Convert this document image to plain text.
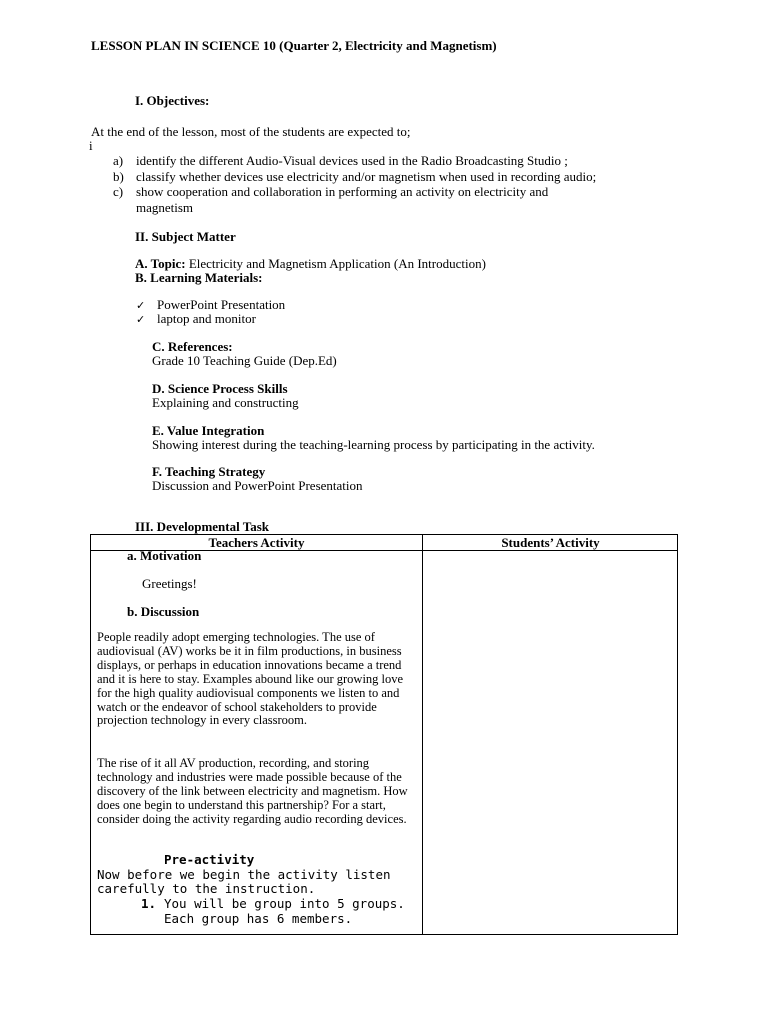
LESSON PLAN IN SCIENCE 10 (Quarter 2, Electricity and Magnetism)
I. Objectives:
At the end of the lesson, most of the students are expected to;
i
a) identify the different Audio-Visual devices used in the Radio Broadcasting Studio ;
b) classify whether devices use electricity and/or magnetism when used in recording audio;
c) show cooperation and collaboration in performing an activity on electricity and
magnetism
II. Subject Matter
A. Topic: Electricity and Magnetism Application (An Introduction)
B. Learning Materials:
✓ PowerPoint Presentation
✓ laptop and monitor
C. References:
Grade 10 Teaching Guide (Dep.Ed)
D. Science Process Skills
Explaining and constructing
E. Value Integration
Showing interest during the teaching-learning process by participating in the activity.
F. Teaching Strategy
Discussion and PowerPoint Presentation
III. Developmental Task
Teachers Activity	Students’ Activity
a. Motivation
Greetings!
b. Discussion
People readily adopt emerging technologies. The use of audiovisual (AV) works be it in film productions, in business displays, or perhaps in education innovations became a trend and it is here to stay. Examples abound like our growing love for the high quality audiovisual components we listen to and watch or the endeavor of school stakeholders to provide projection technology in every classroom.
The rise of it all AV production, recording, and storing technology and industries were made possible because of the discovery of the link between electricity and magnetism. How does one begin to understand this partnership? For a start, consider doing the activity regarding audio recording devices.
Pre-activity
Now before we begin the activity listen
carefully to the instruction.
1. You will be group into 5 groups.
Each group has 6 members.
